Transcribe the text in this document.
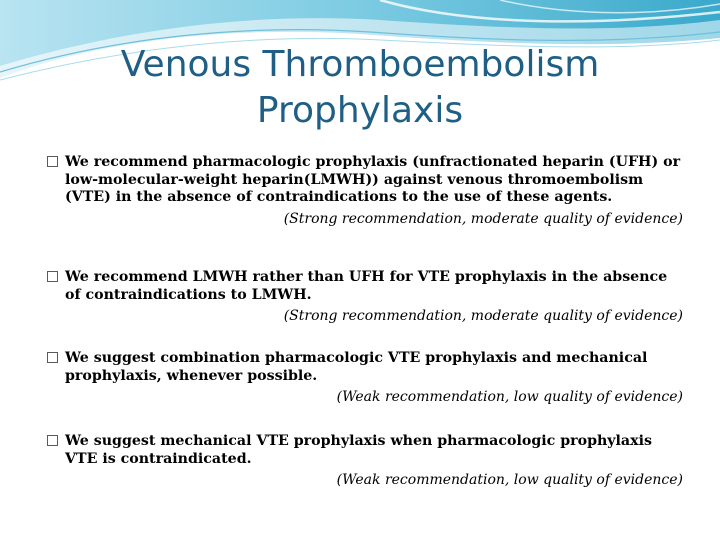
Venous Thromboembolism
Prophylaxis
We recommend pharmacologic prophylaxis (unfractionated heparin (UFH) or low-molecular-weight heparin(LMWH)) against venous thromoembolism (VTE) in the absence of contraindications to the use of these agents.
(Strong recommendation, moderate quality of evidence)
We recommend LMWH rather than UFH for VTE prophylaxis in the absence of contraindications to LMWH.
(Strong recommendation, moderate quality of evidence)
We suggest combination pharmacologic VTE prophylaxis and mechanical prophylaxis, whenever possible.
(Weak recommendation, low quality of evidence)
We suggest mechanical VTE prophylaxis when pharmacologic prophylaxis VTE is contraindicated.
(Weak recommendation, low quality of evidence)
